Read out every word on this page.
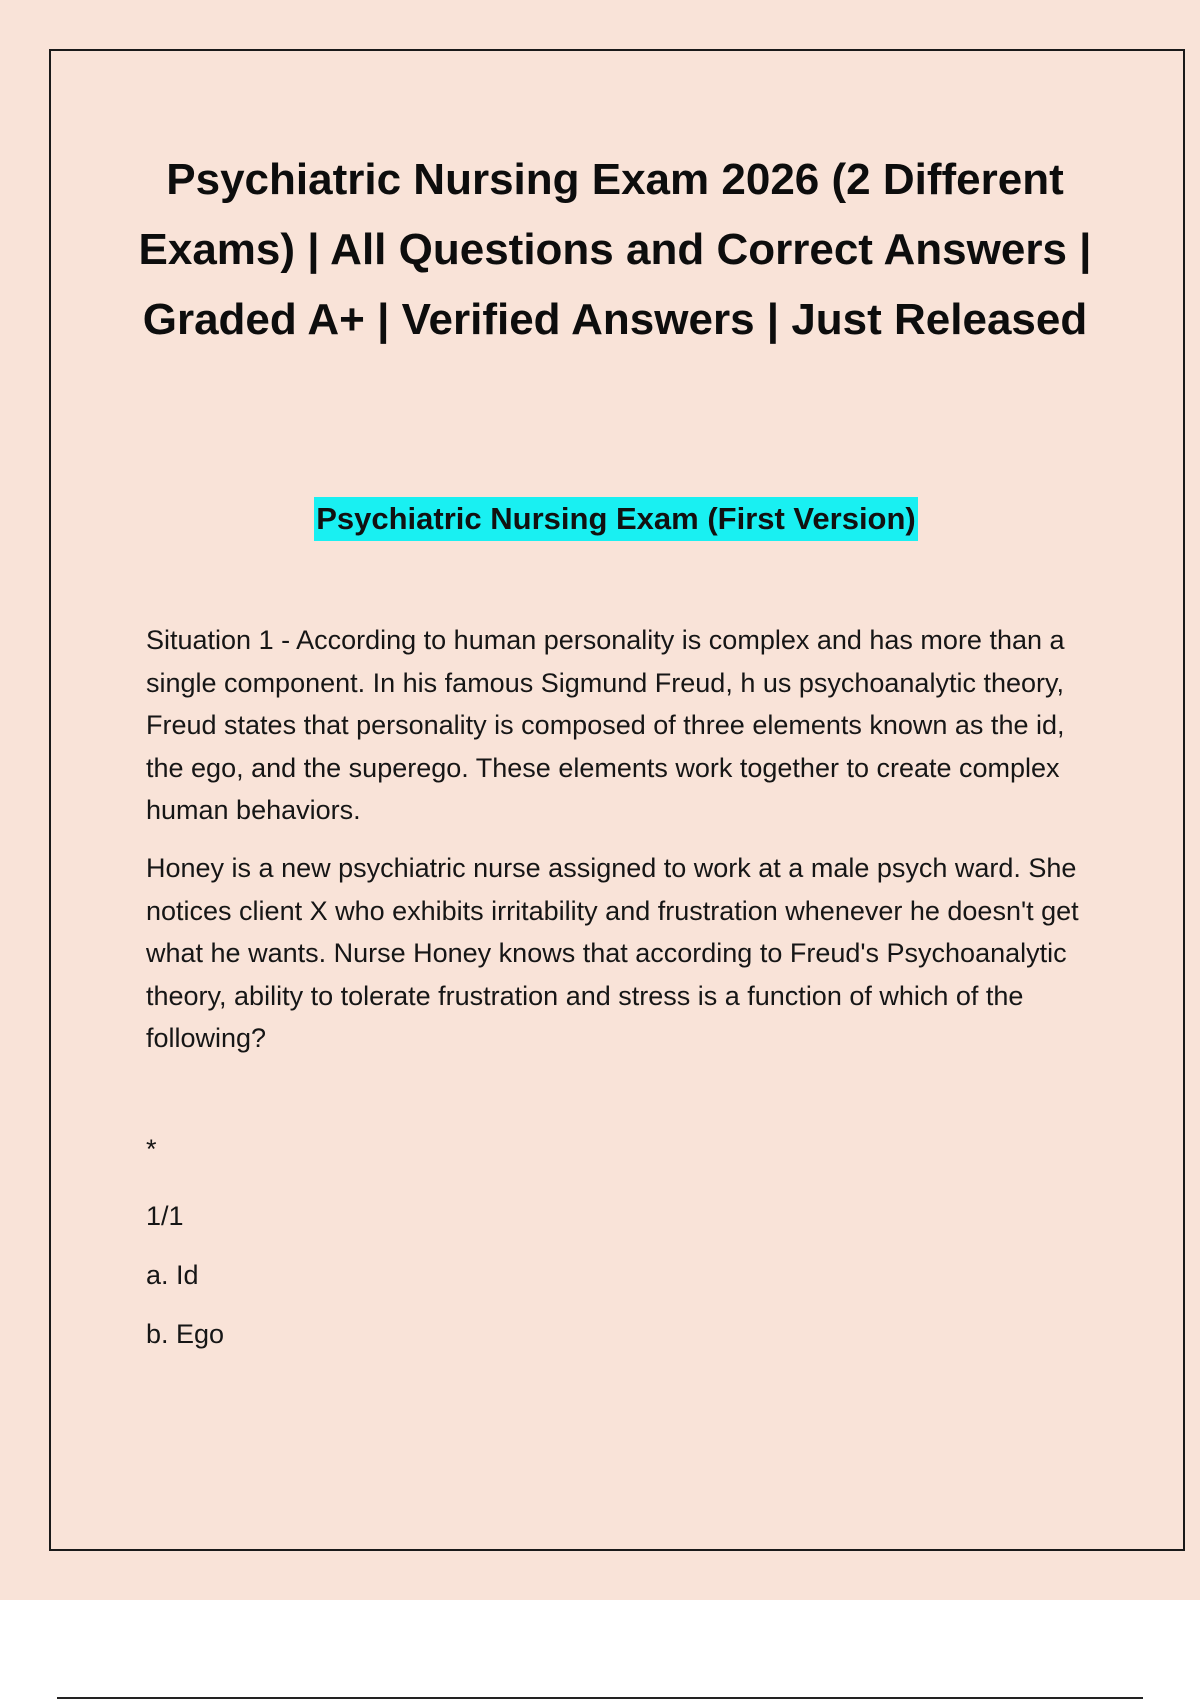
Psychiatric Nursing Exam 2026 (2 Different Exams) | All Questions and Correct Answers | Graded A+ | Verified Answers | Just Released
Psychiatric Nursing Exam (First Version)

Situation 1 - According to human personality is complex and has more than a single component. In his famous Sigmund Freud, h us psychoanalytic theory, Freud states that personality is composed of three elements known as the id, the ego, and the superego. These elements work together to create complex human behaviors.

Honey is a new psychiatric nurse assigned to work at a male psych ward. She notices client X who exhibits irritability and frustration whenever he doesn't get what he wants. Nurse Honey knows that according to Freud's Psychoanalytic theory, ability to tolerate frustration and stress is a function of which of the following?

*

1/1

a. Id

b. Ego
